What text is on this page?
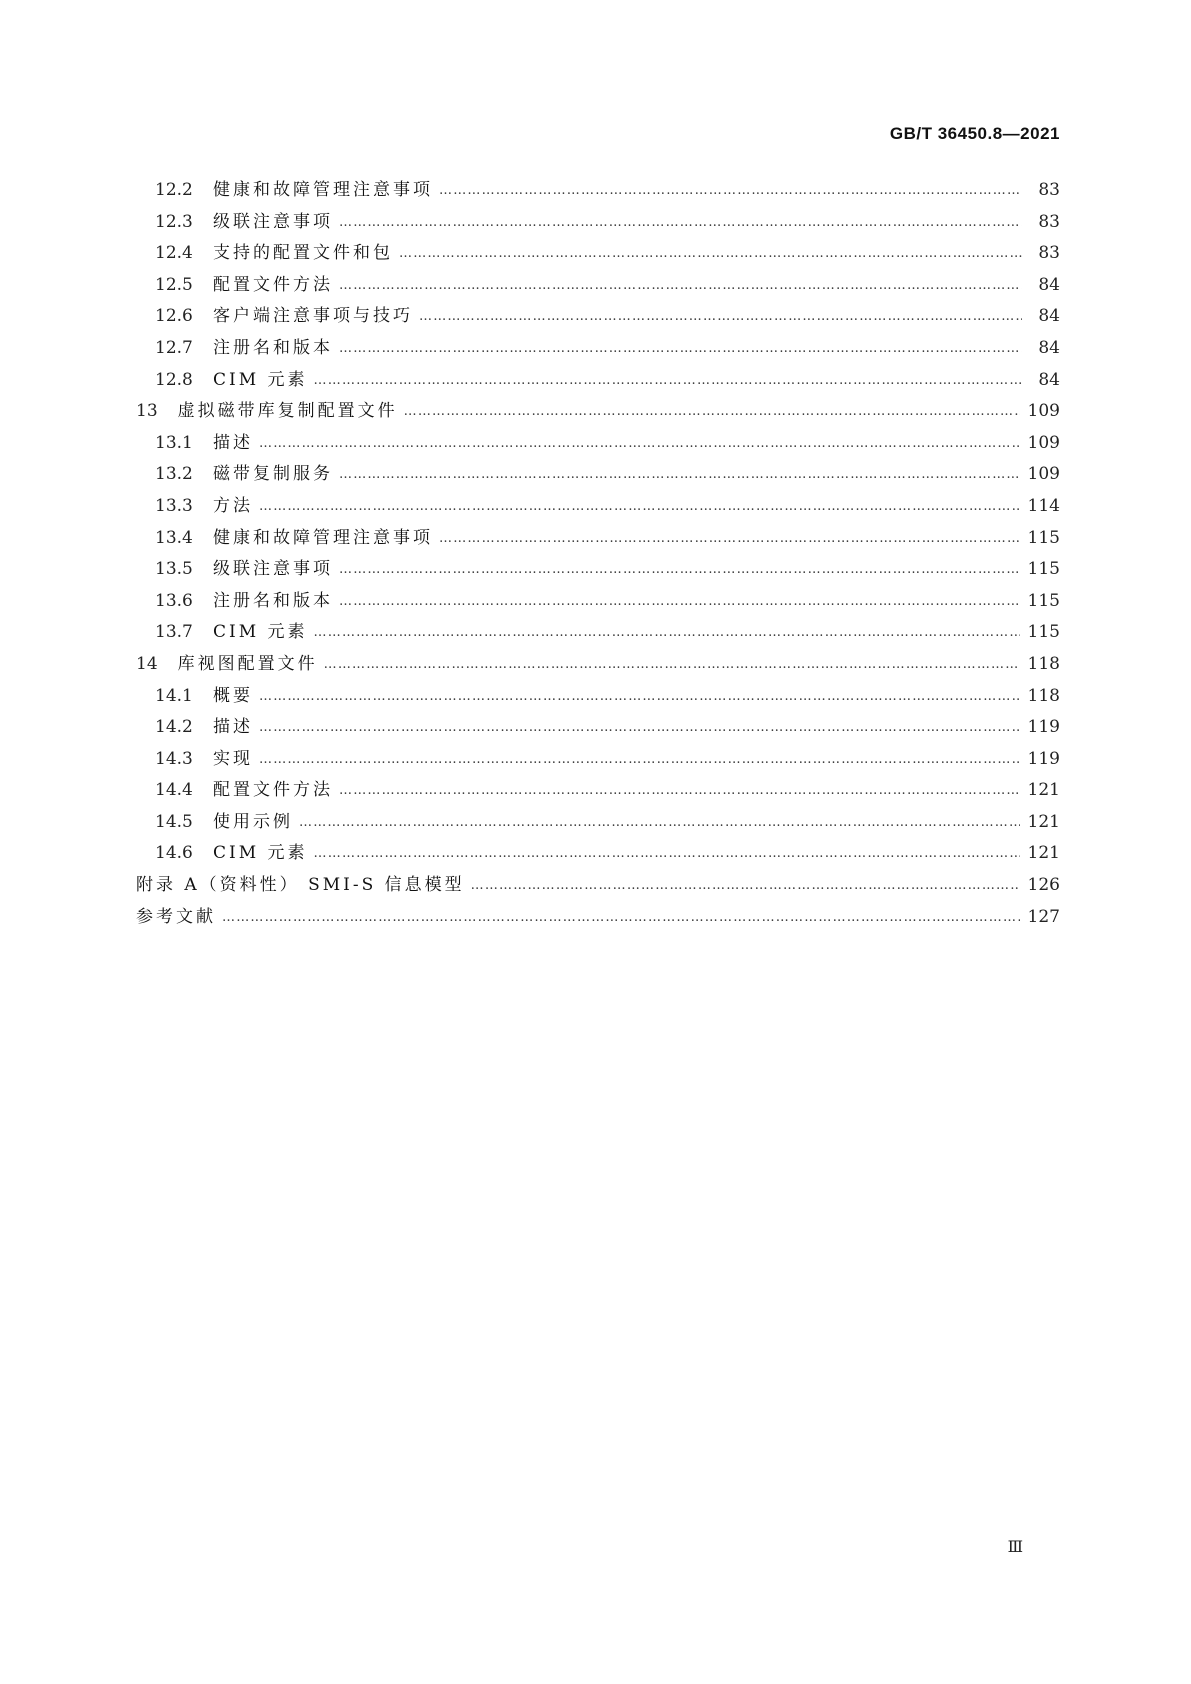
GB/T 36450.8—2021
12.2 健康和故障管理注意事项 …………………………………………………………………………………………………………………………………………………………………………………………………………………………	83
12.3 级联注意事项 …………………………………………………………………………………………………………………………………………………………………………………………………………………………	83
12.4 支持的配置文件和包 …………………………………………………………………………………………………………………………………………………………………………………………………………………………	83
12.5 配置文件方法 …………………………………………………………………………………………………………………………………………………………………………………………………………………………	84
12.6 客户端注意事项与技巧 …………………………………………………………………………………………………………………………………………………………………………………………………………………………	84
12.7 注册名和版本 …………………………………………………………………………………………………………………………………………………………………………………………………………………………	84
12.8 CIM 元素 …………………………………………………………………………………………………………………………………………………………………………………………………………………………	84
13 虚拟磁带库复制配置文件 …………………………………………………………………………………………………………………………………………………………………………………………………………………………	109
13.1 描述 …………………………………………………………………………………………………………………………………………………………………………………………………………………………	109
13.2 磁带复制服务 …………………………………………………………………………………………………………………………………………………………………………………………………………………………	109
13.3 方法 …………………………………………………………………………………………………………………………………………………………………………………………………………………………	114
13.4 健康和故障管理注意事项 …………………………………………………………………………………………………………………………………………………………………………………………………………………………	115
13.5 级联注意事项 …………………………………………………………………………………………………………………………………………………………………………………………………………………………	115
13.6 注册名和版本 …………………………………………………………………………………………………………………………………………………………………………………………………………………………	115
13.7 CIM 元素 …………………………………………………………………………………………………………………………………………………………………………………………………………………………	115
14 库视图配置文件 …………………………………………………………………………………………………………………………………………………………………………………………………………………………	118
14.1 概要 …………………………………………………………………………………………………………………………………………………………………………………………………………………………	118
14.2 描述 …………………………………………………………………………………………………………………………………………………………………………………………………………………………	119
14.3 实现 …………………………………………………………………………………………………………………………………………………………………………………………………………………………	119
14.4 配置文件方法 …………………………………………………………………………………………………………………………………………………………………………………………………………………………	121
14.5 使用示例 …………………………………………………………………………………………………………………………………………………………………………………………………………………………	121
14.6 CIM 元素 …………………………………………………………………………………………………………………………………………………………………………………………………………………………	121
附录 A（资料性） SMI-S 信息模型 …………………………………………………………………………………………………………………………………………………………………………………………………………………………	126
参考文献 …………………………………………………………………………………………………………………………………………………………………………………………………………………………	127
Ⅲ
